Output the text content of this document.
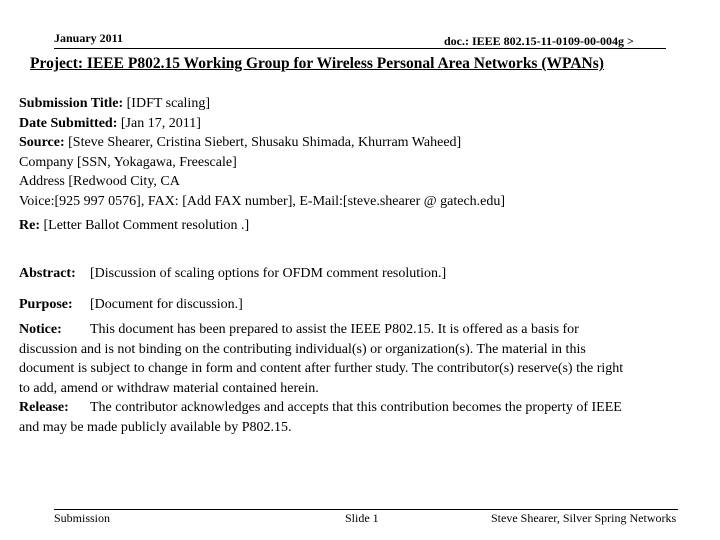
January 2011	doc.: IEEE 802.15-11-0109-00-004g >
Project: IEEE P802.15 Working Group for Wireless Personal Area Networks (WPANs)
Submission Title: [IDFT scaling]
Date Submitted: [Jan 17, 2011]
Source: [Steve Shearer, Cristina Siebert, Shusaku Shimada, Khurram Waheed]
Company [SSN, Yokagawa, Freescale]
Address [Redwood City, CA
Voice:[925 997 0576], FAX: [Add FAX number], E-Mail:[steve.shearer @ gatech.edu]
Re: [Letter Ballot Comment resolution .]
Abstract: [Discussion of scaling options for OFDM comment resolution.]
Purpose: [Document for discussion.]
Notice: This document has been prepared to assist the IEEE P802.15. It is offered as a basis for
discussion and is not binding on the contributing individual(s) or organization(s). The material in this
document is subject to change in form and content after further study. The contributor(s) reserve(s) the right
to add, amend or withdraw material contained herein.
Release: The contributor acknowledges and accepts that this contribution becomes the property of IEEE
and may be made publicly available by P802.15.
Submission	Slide 1	Steve Shearer, Silver Spring Networks
